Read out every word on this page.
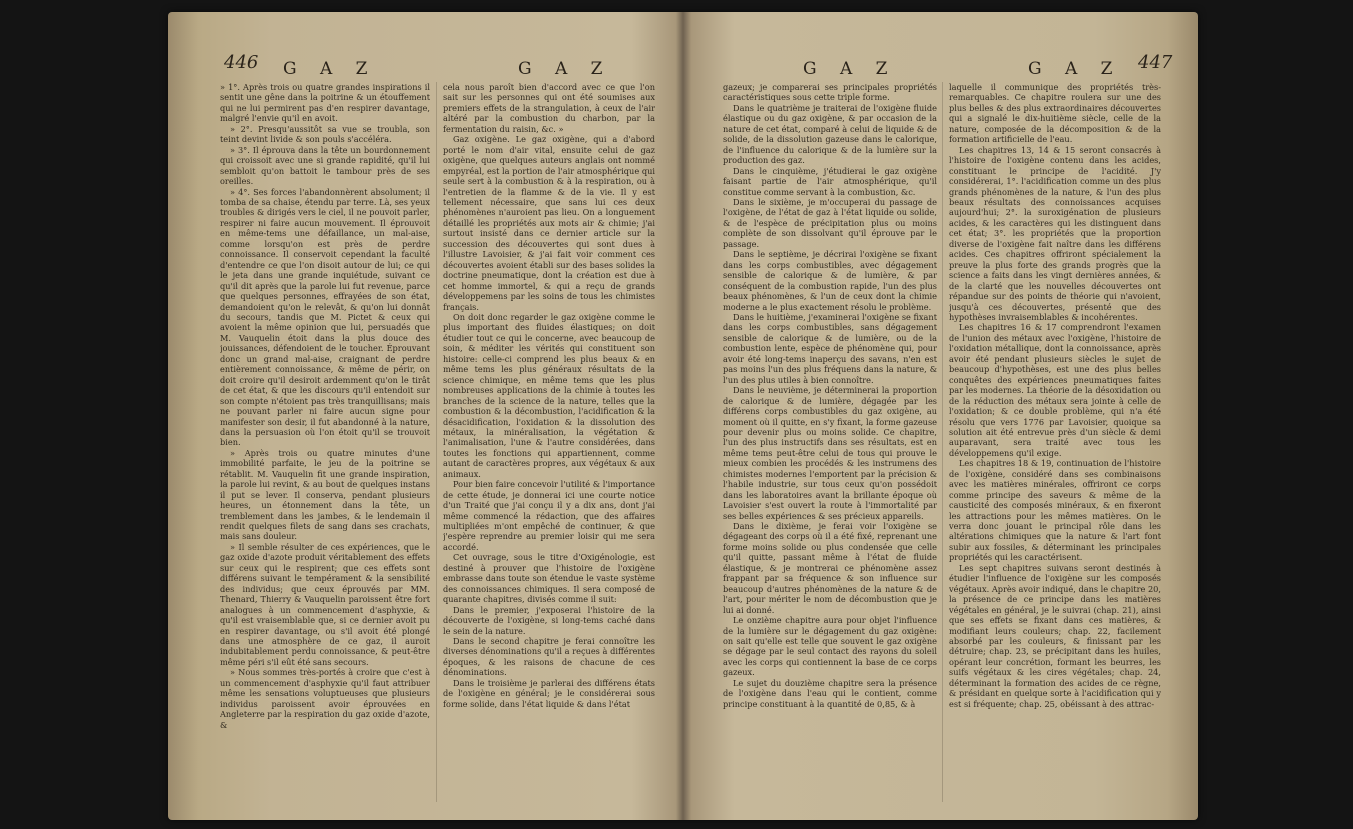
446 G A Z	G A Z

» 1°. Après trois ou quatre grandes inspirations il sentit une gêne dans la poitrine & un étouffement qui ne lui permirent pas d'en respirer davantage, malgré l'envie qu'il en avoit.

» 2°. Presqu'aussitôt sa vue se troubla, son teint devint livide & son pouls s'accéléra.

» 3°. Il éprouva dans la tête un bourdonnement qui croissoit avec une si grande rapidité, qu'il lui sembloit qu'on battoit le tambour près de ses oreilles.

» 4°. Ses forces l'abandonnèrent absolument; il tomba de sa chaise, étendu par terre. Là, ses yeux troubles & dirigés vers le ciel, il ne pouvoit parler, respirer ni faire aucun mouvement. Il éprouvoit en même-tems une défaillance, un mal-aise, comme lorsqu'on est près de perdre connoissance. Il conservoit cependant la faculté d'entendre ce que l'on disoit autour de lui; ce qui le jeta dans une grande inquiétude, suivant ce qu'il dit après que la parole lui fut revenue, parce que quelques personnes, effrayées de son état, demandoient qu'on le relevât, & qu'on lui donnât du secours, tandis que M. Pictet & ceux qui avoient la même opinion que lui, persuadés que M. Vauquelin étoit dans la plus douce des jouissances, défendoient de le toucher. Éprouvant donc un grand mal-aise, craignant de perdre entièrement connoissance, & même de périr, on doit croire qu'il desiroit ardemment qu'on le tirât de cet état, & que les discours qu'il entendoit sur son compte n'étoient pas très tranquillisans; mais ne pouvant parler ni faire aucun signe pour manifester son desir, il fut abandonné à la nature, dans la persuasion où l'on étoit qu'il se trouvoit bien.

» Après trois ou quatre minutes d'une immobilité parfaite, le jeu de la poitrine se rétablit. M. Vauquelin fit une grande inspiration, la parole lui revint, & au bout de quelques instans il put se lever. Il conserva, pendant plusieurs heures, un étonnement dans la tête, un tremblement dans les jambes, & le lendemain il rendit quelques filets de sang dans ses crachats, mais sans douleur.

» Il semble résulter de ces expériences, que le gaz oxide d'azote produit véritablement des effets sur ceux qui le respirent; que ces effets sont différens suivant le tempérament & la sensibilité des individus; que ceux éprouvés par MM. Thenard, Thierry & Vauquelin paroissent être fort analogues à un commencement d'asphyxie, & qu'il est vraisemblable que, si ce dernier avoit pu en respirer davantage, ou s'il avoit été plongé dans une atmosphère de ce gaz, il auroit indubitablement perdu connoissance, & peut-être même péri s'il eût été sans secours.

» Nous sommes très-portés à croire que c'est à un commencement d'asphyxie qu'il faut attribuer même les sensations voluptueuses que plusieurs individus paroissent avoir éprouvées en Angleterre par la respiration du gaz oxide d'azote, &

cela nous paroît bien d'accord avec ce que l'on sait sur les personnes qui ont été soumises aux premiers effets de la strangulation, à ceux de l'air altéré par la combustion du charbon, par la fermentation du raisin, &c. »

Gaz oxigène. Le gaz oxigène, qui a d'abord porté le nom d'air vital, ensuite celui de gaz oxigène, que quelques auteurs anglais ont nommé empyréal, est la portion de l'air atmosphérique qui seule sert à la combustion & à la respiration, ou à l'entretien de la flamme & de la vie. Il y est tellement nécessaire, que sans lui ces deux phénomènes n'auroient pas lieu. On a longuement détaillé les propriétés aux mots air & chimie; j'ai surtout insisté dans ce dernier article sur la succession des découvertes qui sont dues à l'illustre Lavoisier, & j'ai fait voir comment ces découvertes avoient établi sur des bases solides la doctrine pneumatique, dont la création est due à cet homme immortel, & qui a reçu de grands développemens par les soins de tous les chimistes français.

On doit donc regarder le gaz oxigène comme le plus important des fluides élastiques; on doit étudier tout ce qui le concerne, avec beaucoup de soin, & méditer les vérités qui constituent son histoire: celle-ci comprend les plus beaux & en même tems les plus généraux résultats de la science chimique, en même tems que les plus nombreuses applications de la chimie à toutes les branches de la science de la nature, telles que la combustion & la décombustion, l'acidification & la désacidification, l'oxidation & la dissolution des métaux, la minéralisation, la végétation & l'animalisation, l'une & l'autre considérées, dans toutes les fonctions qui appartiennent, comme autant de caractères propres, aux végétaux & aux animaux.

Pour bien faire concevoir l'utilité & l'importance de cette étude, je donnerai ici une courte notice d'un Traité que j'ai conçu il y a dix ans, dont j'ai même commencé la rédaction, que des affaires multipliées m'ont empêché de continuer, & que j'espère reprendre au premier loisir qui me sera accordé.

Cet ouvrage, sous le titre d'Oxigénologie, est destiné à prouver que l'histoire de l'oxigène embrasse dans toute son étendue le vaste système des connoissances chimiques. Il sera composé de quarante chapitres, divisés comme il suit:

Dans le premier, j'exposerai l'histoire de la découverte de l'oxigène, si long-tems caché dans le sein de la nature.

Dans le second chapitre je ferai connoître les diverses dénominations qu'il a reçues à différentes époques, & les raisons de chacune de ces dénominations.

Dans le troisième je parlerai des différens états de l'oxigène en général; je le considérerai sous forme solide, dans l'état liquide & dans l'état

G A Z	G A Z 447

gazeux; je comparerai ses principales propriétés caractéristiques sous cette triple forme.

Dans le quatrième je traiterai de l'oxigène fluide élastique ou du gaz oxigène, & par occasion de la nature de cet état, comparé à celui de liquide & de solide, de la dissolution gazeuse dans le calorique, de l'influence du calorique & de la lumière sur la production des gaz.

Dans le cinquième, j'étudierai le gaz oxigène faisant partie de l'air atmosphérique, qu'il constitue comme servant à la combustion, &c.

Dans le sixième, je m'occuperai du passage de l'oxigène, de l'état de gaz à l'état liquide ou solide, & de l'espèce de précipitation plus ou moins complète de son dissolvant qu'il éprouve par le passage.

Dans le septième, je décrirai l'oxigène se fixant dans les corps combustibles, avec dégagement sensible de calorique & de lumière, & par conséquent de la combustion rapide, l'un des plus beaux phénomènes, & l'un de ceux dont la chimie moderne a le plus exactement résolu le problème.

Dans le huitième, j'examinerai l'oxigène se fixant dans les corps combustibles, sans dégagement sensible de calorique & de lumière, ou de la combustion lente, espèce de phénomène qui, pour avoir été long-tems inaperçu des savans, n'en est pas moins l'un des plus fréquens dans la nature, & l'un des plus utiles à bien connoître.

Dans le neuvième, je déterminerai la proportion de calorique & de lumière, dégagée par les différens corps combustibles du gaz oxigène, au moment où il quitte, en s'y fixant, la forme gazeuse pour devenir plus ou moins solide. Ce chapitre, l'un des plus instructifs dans ses résultats, est en même tems peut-être celui de tous qui prouve le mieux combien les procédés & les instrumens des chimistes modernes l'emportent par la précision & l'habile industrie, sur tous ceux qu'on possédoit dans les laboratoires avant la brillante époque où Lavoisier s'est ouvert la route à l'immortalité par ses belles expériences & ses précieux appareils.

Dans le dixième, je ferai voir l'oxigène se dégageant des corps où il a été fixé, reprenant une forme moins solide ou plus condensée que celle qu'il quitte, passant même à l'état de fluide élastique, & je montrerai ce phénomène assez frappant par sa fréquence & son influence sur beaucoup d'autres phénomènes de la nature & de l'art, pour mériter le nom de décombustion que je lui ai donné.

Le onzième chapitre aura pour objet l'influence de la lumière sur le dégagement du gaz oxigène: on sait qu'elle est telle que souvent le gaz oxigène se dégage par le seul contact des rayons du soleil avec les corps qui contiennent la base de ce corps gazeux.

Le sujet du douzième chapitre sera la présence de l'oxigène dans l'eau qui le contient, comme principe constituant à la quantité de 0,85, & à

laquelle il communique des propriétés très-remarquables. Ce chapitre roulera sur une des plus belles & des plus extraordinaires découvertes qui a signalé le dix-huitième siècle, celle de la nature, composée de la décomposition & de la formation artificielle de l'eau.

Les chapitres 13, 14 & 15 seront consacrés à l'histoire de l'oxigène contenu dans les acides, constituant le principe de l'acidité. J'y considérerai, 1°. l'acidification comme un des plus grands phénomènes de la nature, & l'un des plus beaux résultats des connoissances acquises aujourd'hui; 2°. la suroxigénation de plusieurs acides, & les caractères qui les distinguent dans cet état; 3°. les propriétés que la proportion diverse de l'oxigène fait naître dans les différens acides. Ces chapitres offriront spécialement la preuve la plus forte des grands progrès que la science a faits dans les vingt dernières années, & de la clarté que les nouvelles découvertes ont répandue sur des points de théorie qui n'avoient, jusqu'à ces découvertes, présenté que des hypothèses invraisemblables & incohérentes.

Les chapitres 16 & 17 comprendront l'examen de l'union des métaux avec l'oxigène, l'histoire de l'oxidation métallique, dont la connoissance, après avoir été pendant plusieurs siècles le sujet de beaucoup d'hypothèses, est une des plus belles conquêtes des expériences pneumatiques faites par les modernes. La théorie de la désoxidation ou de la réduction des métaux sera jointe à celle de l'oxidation; & ce double problème, qui n'a été résolu que vers 1776 par Lavoisier, quoique sa solution ait été entrevue près d'un siècle & demi auparavant, sera traité avec tous les développemens qu'il exige.

Les chapitres 18 & 19, continuation de l'histoire de l'oxigène, considéré dans ses combinaisons avec les matières minérales, offriront ce corps comme principe des saveurs & même de la causticité des composés minéraux, & en fixeront les attractions pour les mêmes matières. On le verra donc jouant le principal rôle dans les altérations chimiques que la nature & l'art font subir aux fossiles, & déterminant les principales propriétés qui les caractérisent.

Les sept chapitres suivans seront destinés à étudier l'influence de l'oxigène sur les composés végétaux. Après avoir indiqué, dans le chapitre 20, la présence de ce principe dans les matières végétales en général, je le suivrai (chap. 21), ainsi que ses effets se fixant dans ces matières, & modifiant leurs couleurs; chap. 22, facilement absorbé par les couleurs, & finissant par les détruire; chap. 23, se précipitant dans les huiles, opérant leur concrétion, formant les beurres, les suifs végétaux & les cires végétales; chap. 24, déterminant la formation des acides de ce règne, & présidant en quelque sorte à l'acidification qui y est si fréquente; chap. 25, obéissant à des attrac-
